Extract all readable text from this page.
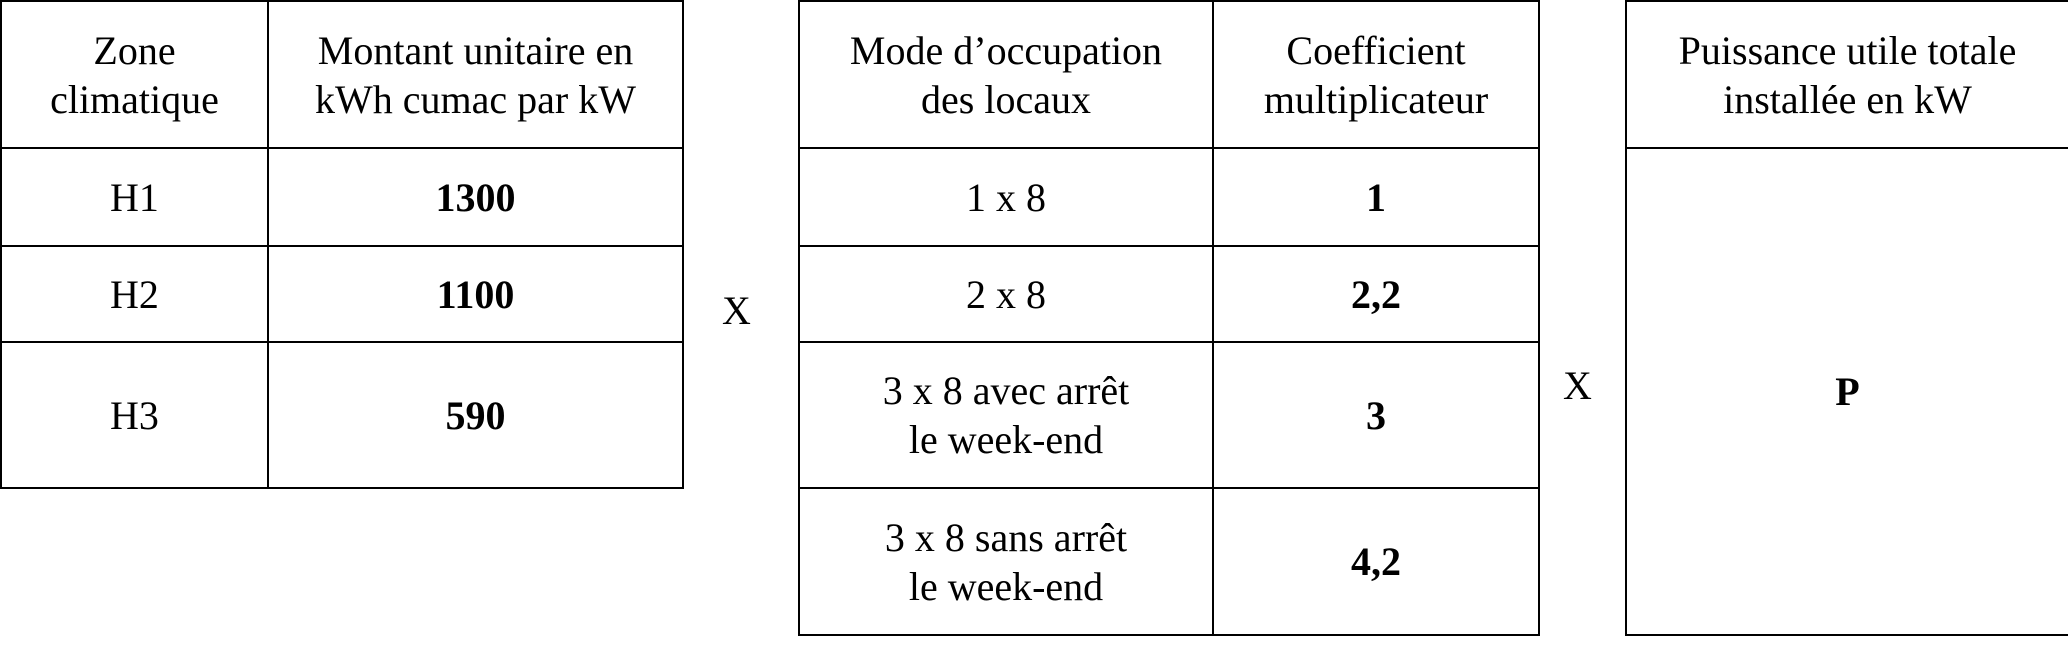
Zone
climatique	Montant unitaire en
kWh cumac par kW
H1	1300
H2	1100
H3	590
X
Mode d’occupation
des locaux	Coefficient
multiplicateur
1 x 8	1
2 x 8	2,2
3 x 8 avec arrêt
le week-end	3
3 x 8 sans arrêt
le week-end	4,2
X
Puissance utile totale
installée en kW
P
